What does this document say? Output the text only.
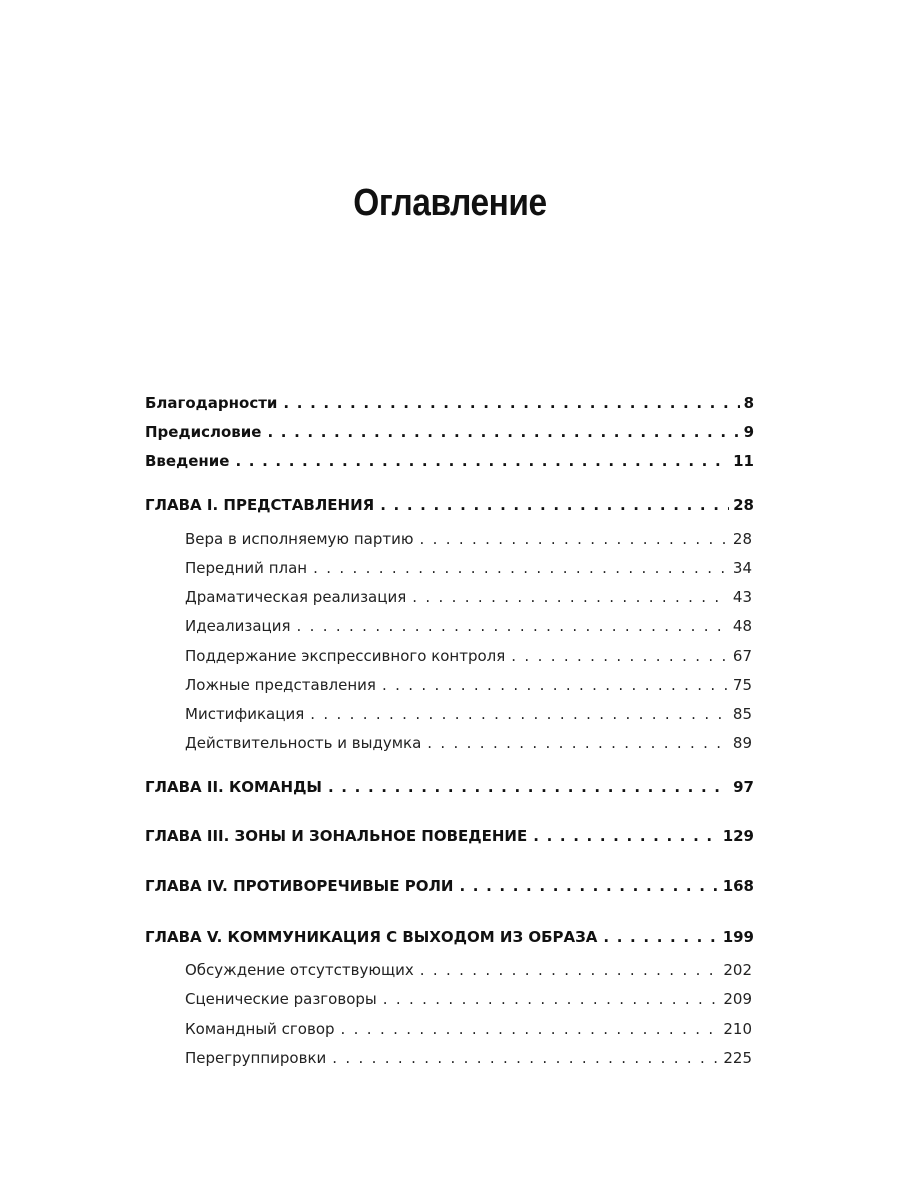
Оглавление
Благодарности . . .	8
Предисловие . . .	9
Введение . . .	11
ГЛАВА I. ПРЕДСТАВЛЕНИЯ . . .	28
Вера в исполняемую партию . . .	28
Передний план . . .	34
Драматическая реализация . . .	43
Идеализация . . .	48
Поддержание экспрессивного контроля . . .	67
Ложные представления . . .	75
Мистификация . . .	85
Действительность и выдумка . . .	89
ГЛАВА II. КОМАНДЫ . . .	97
ГЛАВА III. ЗОНЫ И ЗОНАЛЬНОЕ ПОВЕДЕНИЕ . . .	129
ГЛАВА IV. ПРОТИВОРЕЧИВЫЕ РОЛИ . . .	168
ГЛАВА V. КОММУНИКАЦИЯ С ВЫХОДОМ ИЗ ОБРАЗА . . .	199
Обсуждение отсутствующих . . .	202
Сценические разговоры . . .	209
Командный сговор . . .	210
Перегруппировки . . .	225
